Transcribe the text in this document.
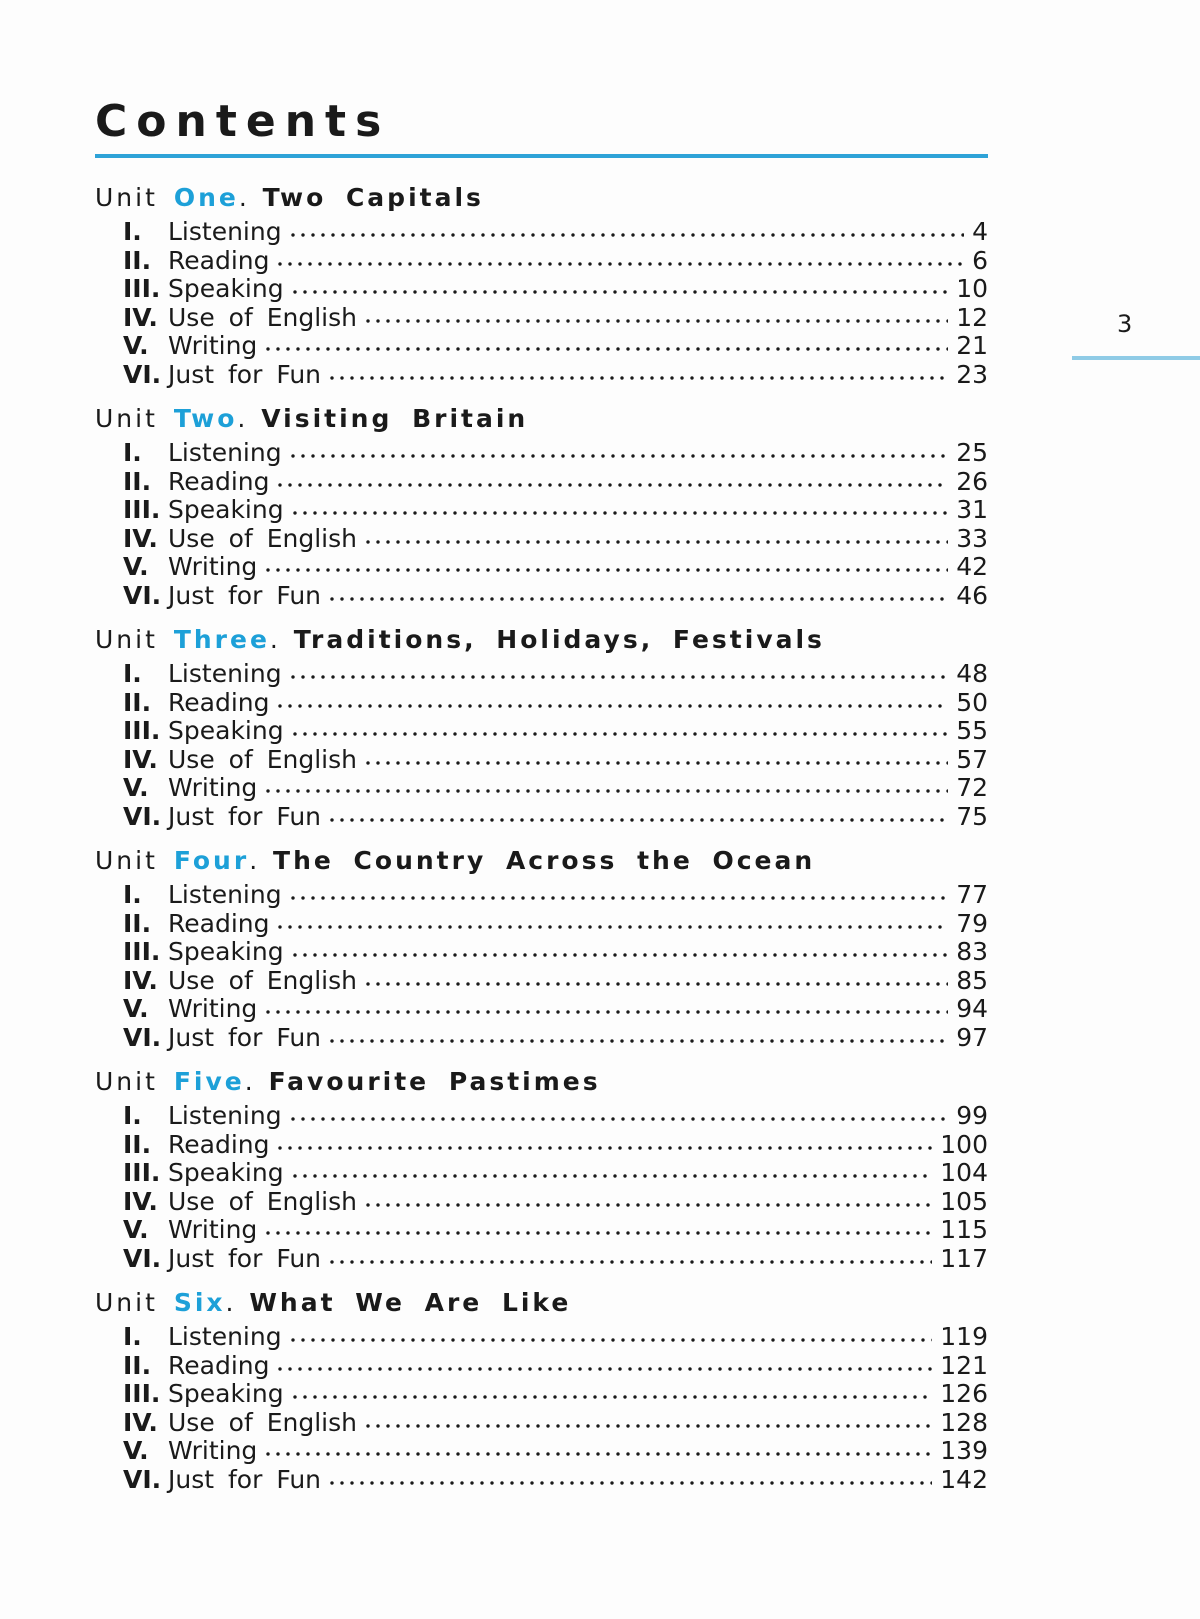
Contents
3
Unit One.  Two Capitals
I. Listening	4
II. Reading	6
III. Speaking	10
IV. Use of English	12
V. Writing	21
VI. Just for Fun	23
Unit Two.  Visiting Britain
I. Listening	25
II. Reading	26
III. Speaking	31
IV. Use of English	33
V. Writing	42
VI. Just for Fun	46
Unit Three.  Traditions, Holidays, Festivals
I. Listening	48
II. Reading	50
III. Speaking	55
IV. Use of English	57
V. Writing	72
VI. Just for Fun	75
Unit Four.  The Country Across the Ocean
I. Listening	77
II. Reading	79
III. Speaking	83
IV. Use of English	85
V. Writing	94
VI. Just for Fun	97
Unit Five.  Favourite Pastimes
I. Listening	99
II. Reading	100
III. Speaking	104
IV. Use of English	105
V. Writing	115
VI. Just for Fun	117
Unit Six.  What We Are Like
I. Listening	119
II. Reading	121
III. Speaking	126
IV. Use of English	128
V. Writing	139
VI. Just for Fun	142
